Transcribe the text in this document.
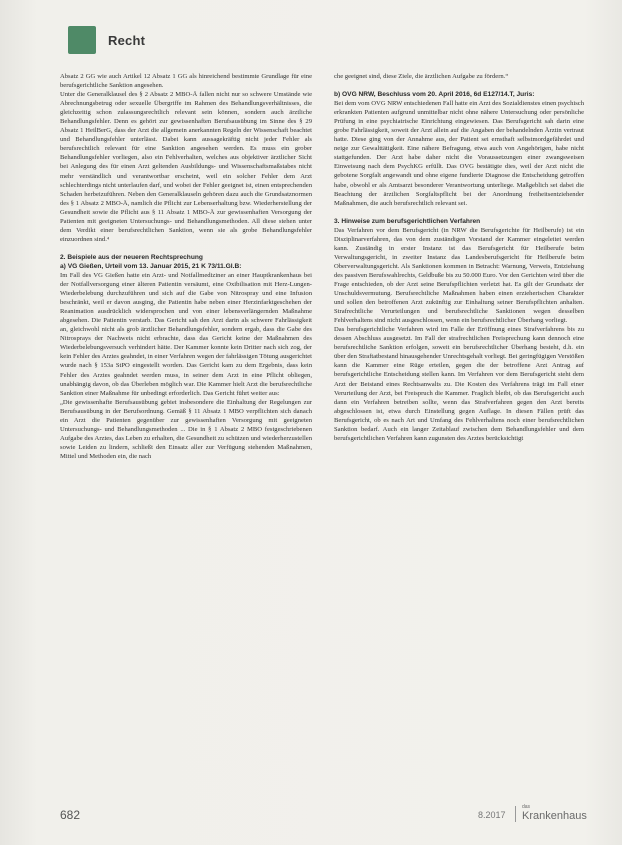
Recht

Absatz 2 GG wie auch Artikel 12 Absatz 1 GG als hinreichend bestimmte Grundlage für eine berufsgerichtliche Sanktion angesehen.

Unter die Generalklausel des § 2 Absatz 2 MBO-Ä fallen nicht nur so schwere Umstände wie Abrechnungsbetrug oder sexuelle Übergriffe im Rahmen des Behandlungsverhältnisses, die gleichzeitig schon zulassungsrechtlich relevant sein können, sondern auch ärztliche Behandlungsfehler. Denn es gehört zur gewissenhaften Berufsausübung im Sinne des § 29 Absatz 1 HeilBerG, dass der Arzt die allgemein anerkannten Regeln der Wissenschaft beachtet und Behandlungsfehler unterlässt. Dabei kann aussagekräftig nicht jeder Fehler als berufsrechtlich relevant für eine Sanktion angesehen werden. Es muss ein grober Behandlungsfehler vorliegen, also ein Fehlverhalten, welches aus objektiver ärztlicher Sicht bei Anlegung des für einen Arzt geltenden Ausbildungs- und Wissenschaftsmaßstabes nicht mehr verständlich und verantwortbar erscheint, weil ein solcher Fehler dem Arzt schlechterdings nicht unterlaufen darf, und wobei der Fehler geeignet ist, einen entsprechenden Schaden herbeizuführen. Neben den Generalklauseln gehören dazu auch die Grundsatznormen des § 1 Absatz 2 MBO-Ä, namlich die Pflicht zur Lebenserhaltung bzw. Wiederherstellung der Gesundheit sowie die Pflicht aus § 11 Absatz 1 MBO-Ä zur gewissenhaften Versorgung der Patienten mit geeigneten Untersuchungs- und Behandlungsmethoden. All diese stehen unter dem Verdikt einer berufsrechtlichen Sanktion, wenn sie als grobe Behandlungsfehler einzuordnen sind.⁴

2. Beispiele aus der neueren Rechtsprechung
a) VG Gießen, Urteil vom 13. Januar 2015, 21 K 73/11.GI.B:

Im Fall des VG Gießen hatte ein Arzt- und Notfallmediziner an einer Hauptkrankenhaus bei der Notfallversorgung einer älteren Patientin versäumt, eine Oxibilisation mit Herz-Lungen-Wiederbelebung durchzuführen und sich auf die Gabe von Nitrospray und eine Infusion beschränkt, weil er davon ausging, die Patientin habe neben einer Herzinfarktgeschehen der Reanimation ausdrücklich widersprochen und von einer lebensverlängernden Maßnahme abgesehen. Die Patientin verstarb. Das Gericht sah den Arzt darin als schwere Fahrlässigkeit an, gleichwohl nicht als grob ärztlicher Behandlungsfehler, sondern ergab, dass die Gabe des Nitrosprays der Nachweis nicht erbrachte, dass das Gericht keine der Maßnahmen des Wiederbelebungsversuch verhindert hätte. Der Kammer konnte kein Dritter nach sich zog, der kein Fehler des Arztes geahndet, in einer Verfahren wegen der fahrlässigen Tötung ausgerichtet wurde nach § 153a StPO eingestellt worden. Das Gericht kam zu dem Ergebnis, dass kein Fehler des Arztes geahndet werden muss, in seiner dem Arzt in eine Pflicht obliegen, unabhängig davon, ob das Überleben möglich war. Die Kammer hielt Arzt die berufsrechtliche Sanktion einer Maßnahme für unbedingt erforderlich. Das Gericht führt weiter aus:

„Die gewissenhafte Berufsausübung gebiet insbesondere die Einhaltung der Regelungen zur Berufsausübung in der Berufsordnung. Gemäß § 11 Absatz 1 MBO verpflichten sich danach ein Arzt die Patienten gegenüber zur gewissenhaften Versorgung mit geeigneten Untersuchungs- und Behandlungsmethoden ... Die in § 1 Absatz 2 MBO festgeschriebenen Aufgabe des Arztes, das Leben zu erhalten, die Gesundheit zu schützen und wiederherzustellen sowie Leiden zu lindern, schließt den Einsatz aller zur Verfügung stehenden Maßnahmen, Mittel und Methoden ein, die nach

che geeignet sind, diese Ziele, die ärztlichen Aufgabe zu fördern.“

b) OVG NRW, Beschluss vom 20. April 2016, 6d E127/14.T, Juris:

Bei dem vom OVG NRW entschiedenen Fall hatte ein Arzt des Sozialdienstes einen psychisch erkrankten Patienten aufgrund unmittelbar nicht ohne nähere Untersuchung oder persönliche Prüfung in eine psychiatrische Einrichtung eingewiesen. Das Berufsgericht sah darin eine grobe Fahrlässigkeit, soweit der Arzt allein auf die Angaben der behandelnden Ärztin vertraut hatte. Diese ging von der Annahme aus, der Patient sei ernsthaft selbstmordgefährdet und neige zur Gewalttätigkeit. Eine nähere Befragung, etwa auch von Angehörigen, habe nicht stattgefunden. Der Arzt habe daher nicht die Voraussetzungen einer zwangsweisen Einweisung nach dem PsychKG erfüllt. Das OVG bestätigte dies, weil der Arzt nicht die gebotene Sorgfalt angewandt und ohne eigene fundierte Diagnose die Entscheidung getroffen habe, obwohl er als Amtsarzt besonderer Verantwortung unterliege. Maßgeblich sei dabei die Beachtung der ärztlichen Sorgfaltspflicht bei der Anordnung freiheitsentziehender Maßnahmen, die auch berufsrechtlich relevant sei.

3. Hinweise zum berufsgerichtlichen Verfahren

Das Verfahren vor dem Berufsgericht (in NRW die Berufsgerichte für Heilberufe) ist ein Disziplinarverfahren, das von dem zuständigen Vorstand der Kammer eingeleitet werden kann. Zuständig in erster Instanz ist das Berufsgericht für Heilberufe beim Verwaltungsgericht, in zweiter Instanz das Landesberufsgericht für Heilberufe beim Oberverwaltungsgericht. Als Sanktionen kommen in Betracht: Warnung, Verweis, Entziehung des passiven Berufswahlrechts, Geldbuße bis zu 50.000 Euro. Vor den Gerichten wird über die Frage entschieden, ob der Arzt seine Berufspflichten verletzt hat. Es gilt der Grundsatz der Unschuldsvermutung. Berufsrechtliche Maßnahmen haben einen erzieherischen Charakter und sollen den betroffenen Arzt zukünftig zur Einhaltung seiner Berufspflichten anhalten. Strafrechtliche Verurteilungen und berufsrechtliche Sanktionen wegen desselben Fehlverhaltens sind nicht ausgeschlossen, wenn ein berufsrechtlicher Überhang vorliegt.

Das berufsgerichtliche Verfahren wird im Falle der Eröffnung eines Strafverfahrens bis zu dessen Abschluss ausgesetzt. Im Fall der strafrechtlichen Freisprechung kann dennoch eine berufsrechtliche Sanktion erfolgen, soweit ein berufsrechtlicher Überhang besteht, d.h. ein über den Straftatbestand hinausgehender Unrechtsgehalt vorliegt. Bei geringfügigen Verstößen kann die Kammer eine Rüge erteilen, gegen die der betroffene Arzt Antrag auf berufsgerichtliche Entscheidung stellen kann. Im Verfahren vor dem Berufsgericht steht dem Arzt der Beistand eines Rechtsanwalts zu. Die Kosten des Verfahrens trägt im Fall einer Verurteilung der Arzt, bei Freispruch die Kammer. Fraglich bleibt, ob das Berufsgericht auch dann ein Verfahren betreiben sollte, wenn das Strafverfahren gegen den Arzt bereits abgeschlossen ist, etwa durch Einstellung gegen Auflage. In diesen Fällen prüft das Berufsgericht, ob es nach Art und Umfang des Fehlverhaltens noch einer berufsrechtlichen Sanktion bedarf. Auch ein langer Zeitablauf zwischen dem Behandlungsfehler und dem berufsgerichtlichen Verfahren kann zugunsten des Arztes berücksichtigt

682	8.2017
das
Krankenhaus
